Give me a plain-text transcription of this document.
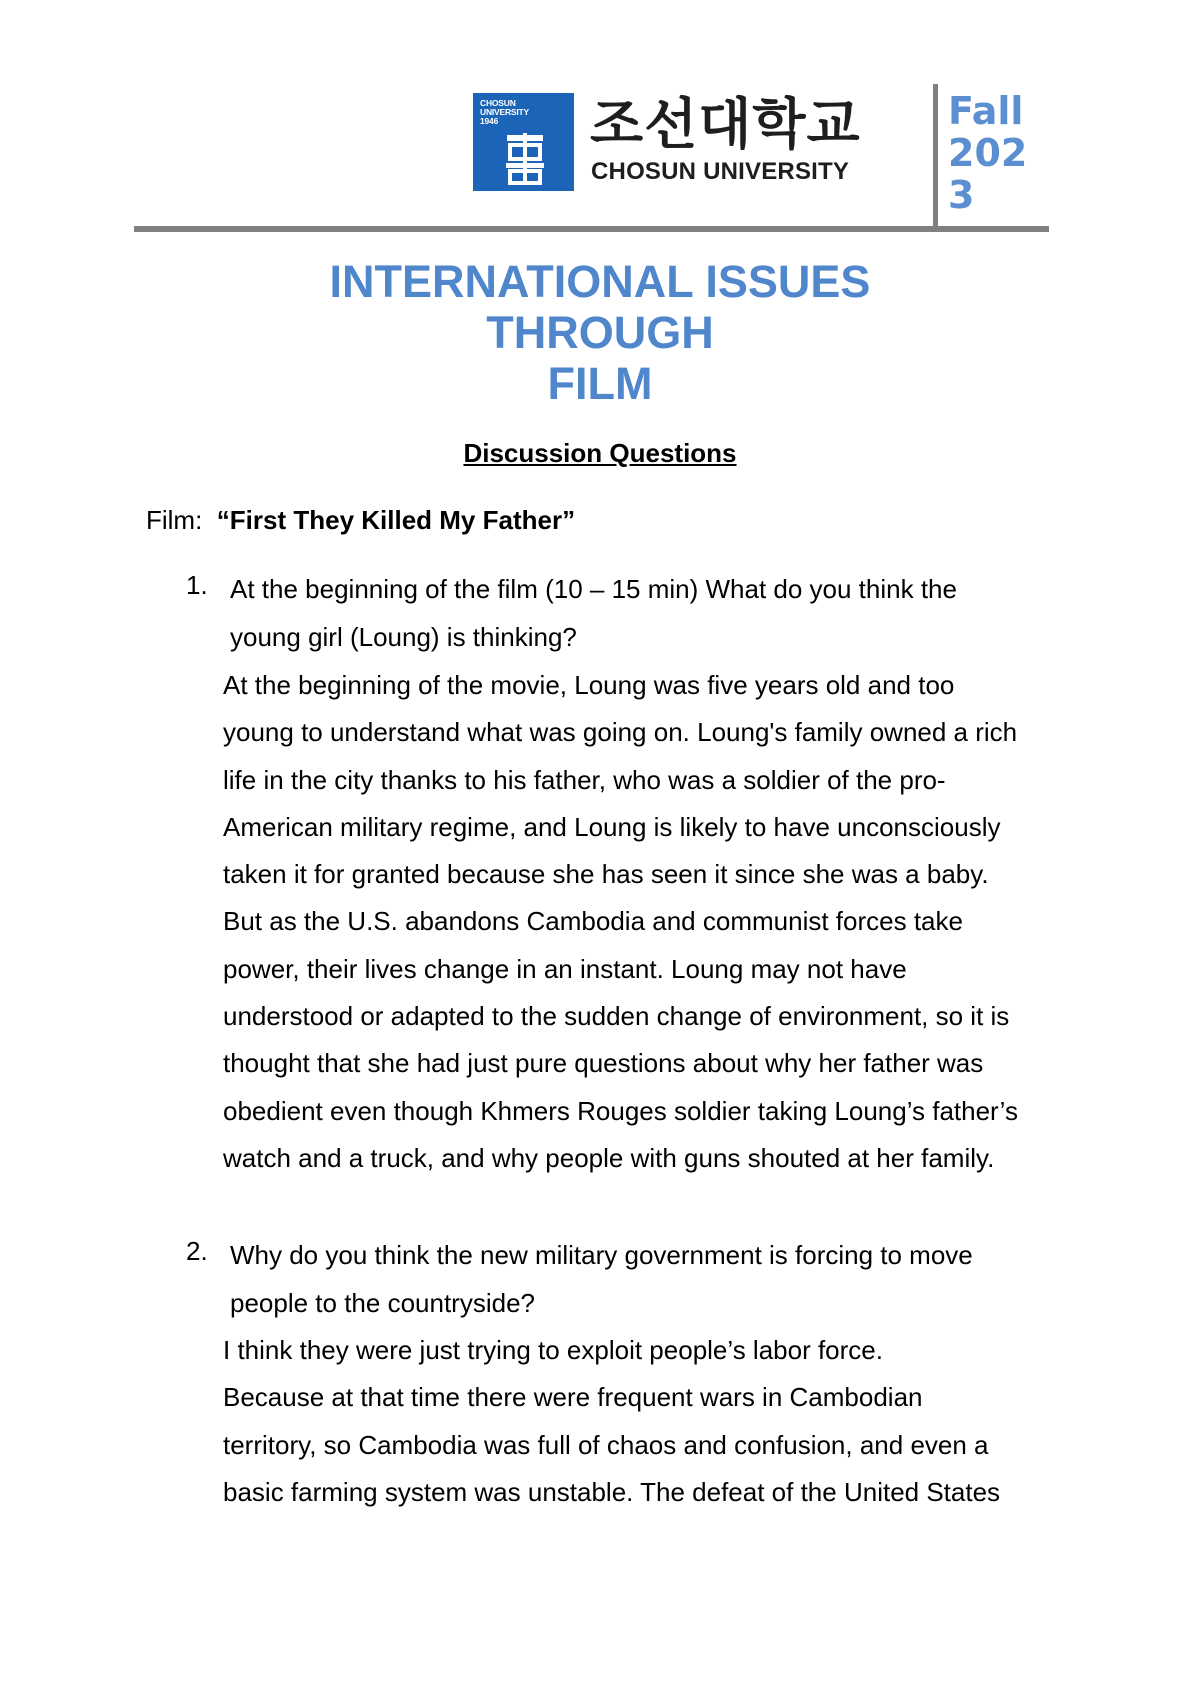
CHOSUN
UNIVERSITY
1946	조선대학교
CHOSUN UNIVERSITY
Fall 2023
INTERNATIONAL ISSUES
THROUGH
FILM
Discussion Questions
Film: “First They Killed My Father”
1. At the beginning of the film (10 – 15 min) What do you think the
young girl (Loung) is thinking?
At the beginning of the movie, Loung was five years old and too
young to understand what was going on. Loung's family owned a rich
life in the city thanks to his father, who was a soldier of the pro-
American military regime, and Loung is likely to have unconsciously
taken it for granted because she has seen it since she was a baby.
But as the U.S. abandons Cambodia and communist forces take
power, their lives change in an instant. Loung may not have
understood or adapted to the sudden change of environment, so it is
thought that she had just pure questions about why her father was
obedient even though Khmers Rouges soldier taking Loung’s father’s
watch and a truck, and why people with guns shouted at her family.
2. Why do you think the new military government is forcing to move
people to the countryside?
I think they were just trying to exploit people’s labor force.
Because at that time there were frequent wars in Cambodian
territory, so Cambodia was full of chaos and confusion, and even a
basic farming system was unstable. The defeat of the United States
